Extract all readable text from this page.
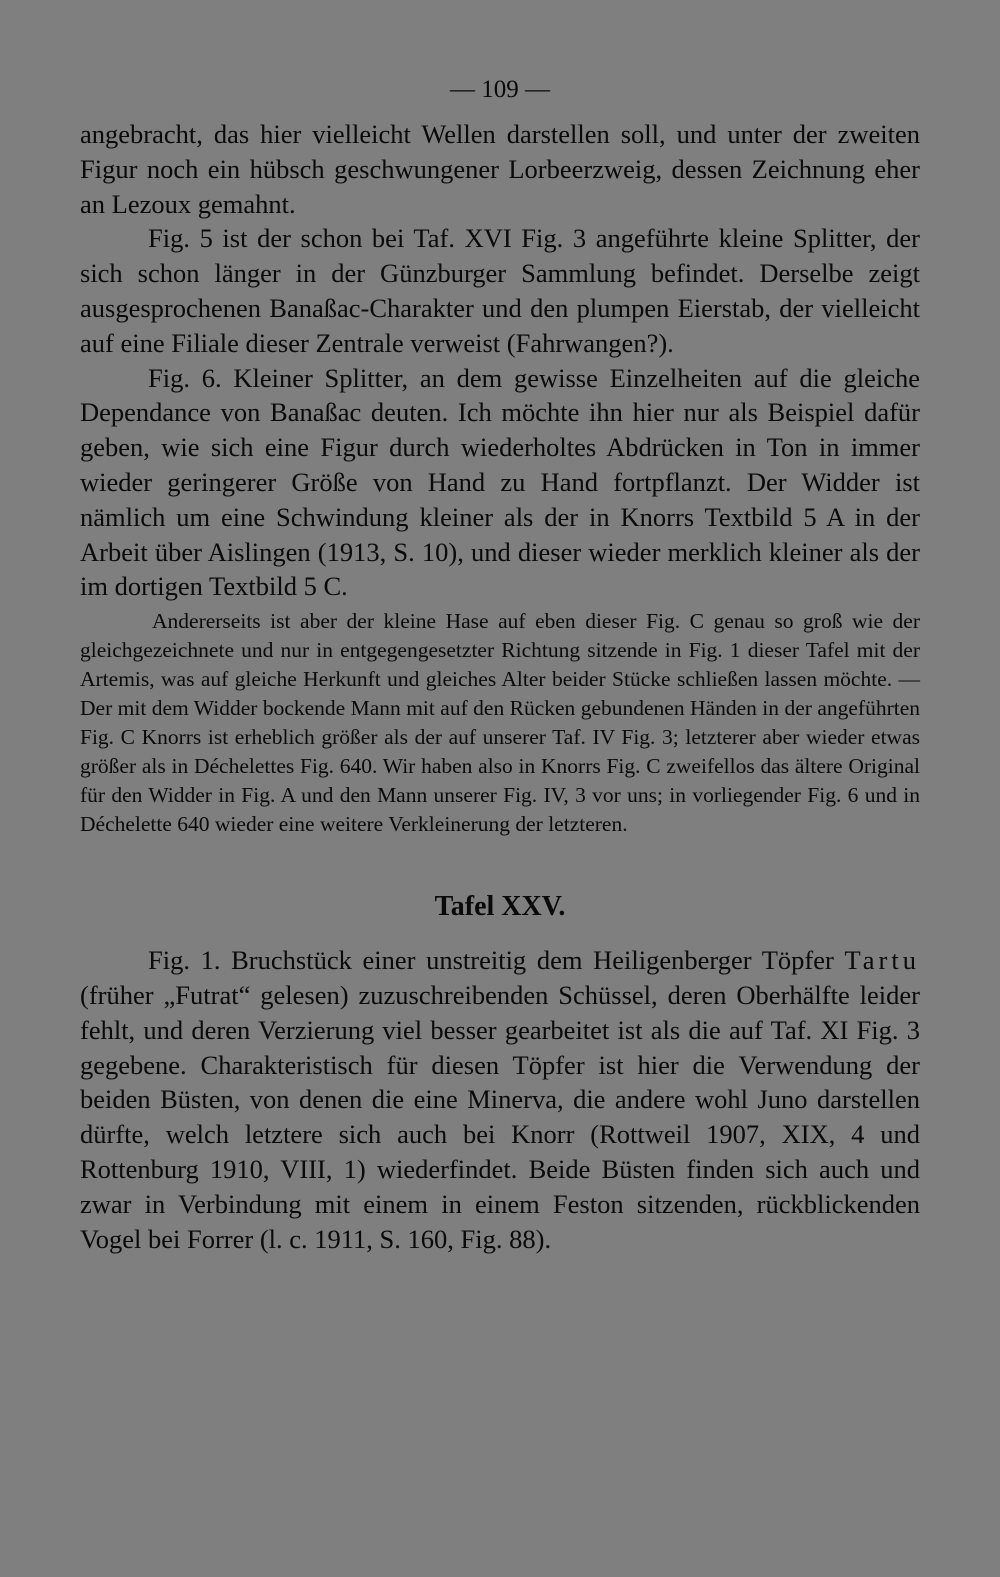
— 109 —

angebracht, das hier vielleicht Wellen darstellen soll, und unter der zweiten Figur noch ein hübsch geschwungener Lorbeerzweig, dessen Zeichnung eher an Lezoux gemahnt.

Fig. 5 ist der schon bei Taf. XVI Fig. 3 angeführte kleine Splitter, der sich schon länger in der Günzburger Sammlung befindet. Derselbe zeigt ausgesprochenen Banaßac-Charakter und den plumpen Eierstab, der vielleicht auf eine Filiale dieser Zentrale verweist (Fahrwangen?).

Fig. 6. Kleiner Splitter, an dem gewisse Einzelheiten auf die gleiche Dependance von Banaßac deuten. Ich möchte ihn hier nur als Beispiel dafür geben, wie sich eine Figur durch wiederholtes Abdrücken in Ton in immer wieder geringerer Größe von Hand zu Hand fortpflanzt. Der Widder ist nämlich um eine Schwindung kleiner als der in Knorrs Textbild 5 A in der Arbeit über Aislingen (1913, S. 10), und dieser wieder merklich kleiner als der im dortigen Textbild 5 C.

Andererseits ist aber der kleine Hase auf eben dieser Fig. C genau so groß wie der gleichgezeichnete und nur in entgegengesetzter Richtung sitzende in Fig. 1 dieser Tafel mit der Artemis, was auf gleiche Herkunft und gleiches Alter beider Stücke schließen lassen möchte. — Der mit dem Widder bockende Mann mit auf den Rücken gebundenen Händen in der angeführten Fig. C Knorrs ist erheblich größer als der auf unserer Taf. IV Fig. 3; letzterer aber wieder etwas größer als in Déchelettes Fig. 640. Wir haben also in Knorrs Fig. C zweifellos das ältere Original für den Widder in Fig. A und den Mann unserer Fig. IV, 3 vor uns; in vorliegender Fig. 6 und in Déchelette 640 wieder eine weitere Verkleinerung der letzteren.

Tafel XXV.

Fig. 1. Bruchstück einer unstreitig dem Heiligenberger Töpfer Tartu (früher „Futrat“ gelesen) zuzuschreibenden Schüssel, deren Oberhälfte leider fehlt, und deren Verzierung viel besser gearbeitet ist als die auf Taf. XI Fig. 3 gegebene. Charakteristisch für diesen Töpfer ist hier die Verwendung der beiden Büsten, von denen die eine Minerva, die andere wohl Juno darstellen dürfte, welch letztere sich auch bei Knorr (Rottweil 1907, XIX, 4 und Rottenburg 1910, VIII, 1) wiederfindet. Beide Büsten finden sich auch und zwar in Verbindung mit einem in einem Feston sitzenden, rückblickenden Vogel bei Forrer (l. c. 1911, S. 160, Fig. 88).
